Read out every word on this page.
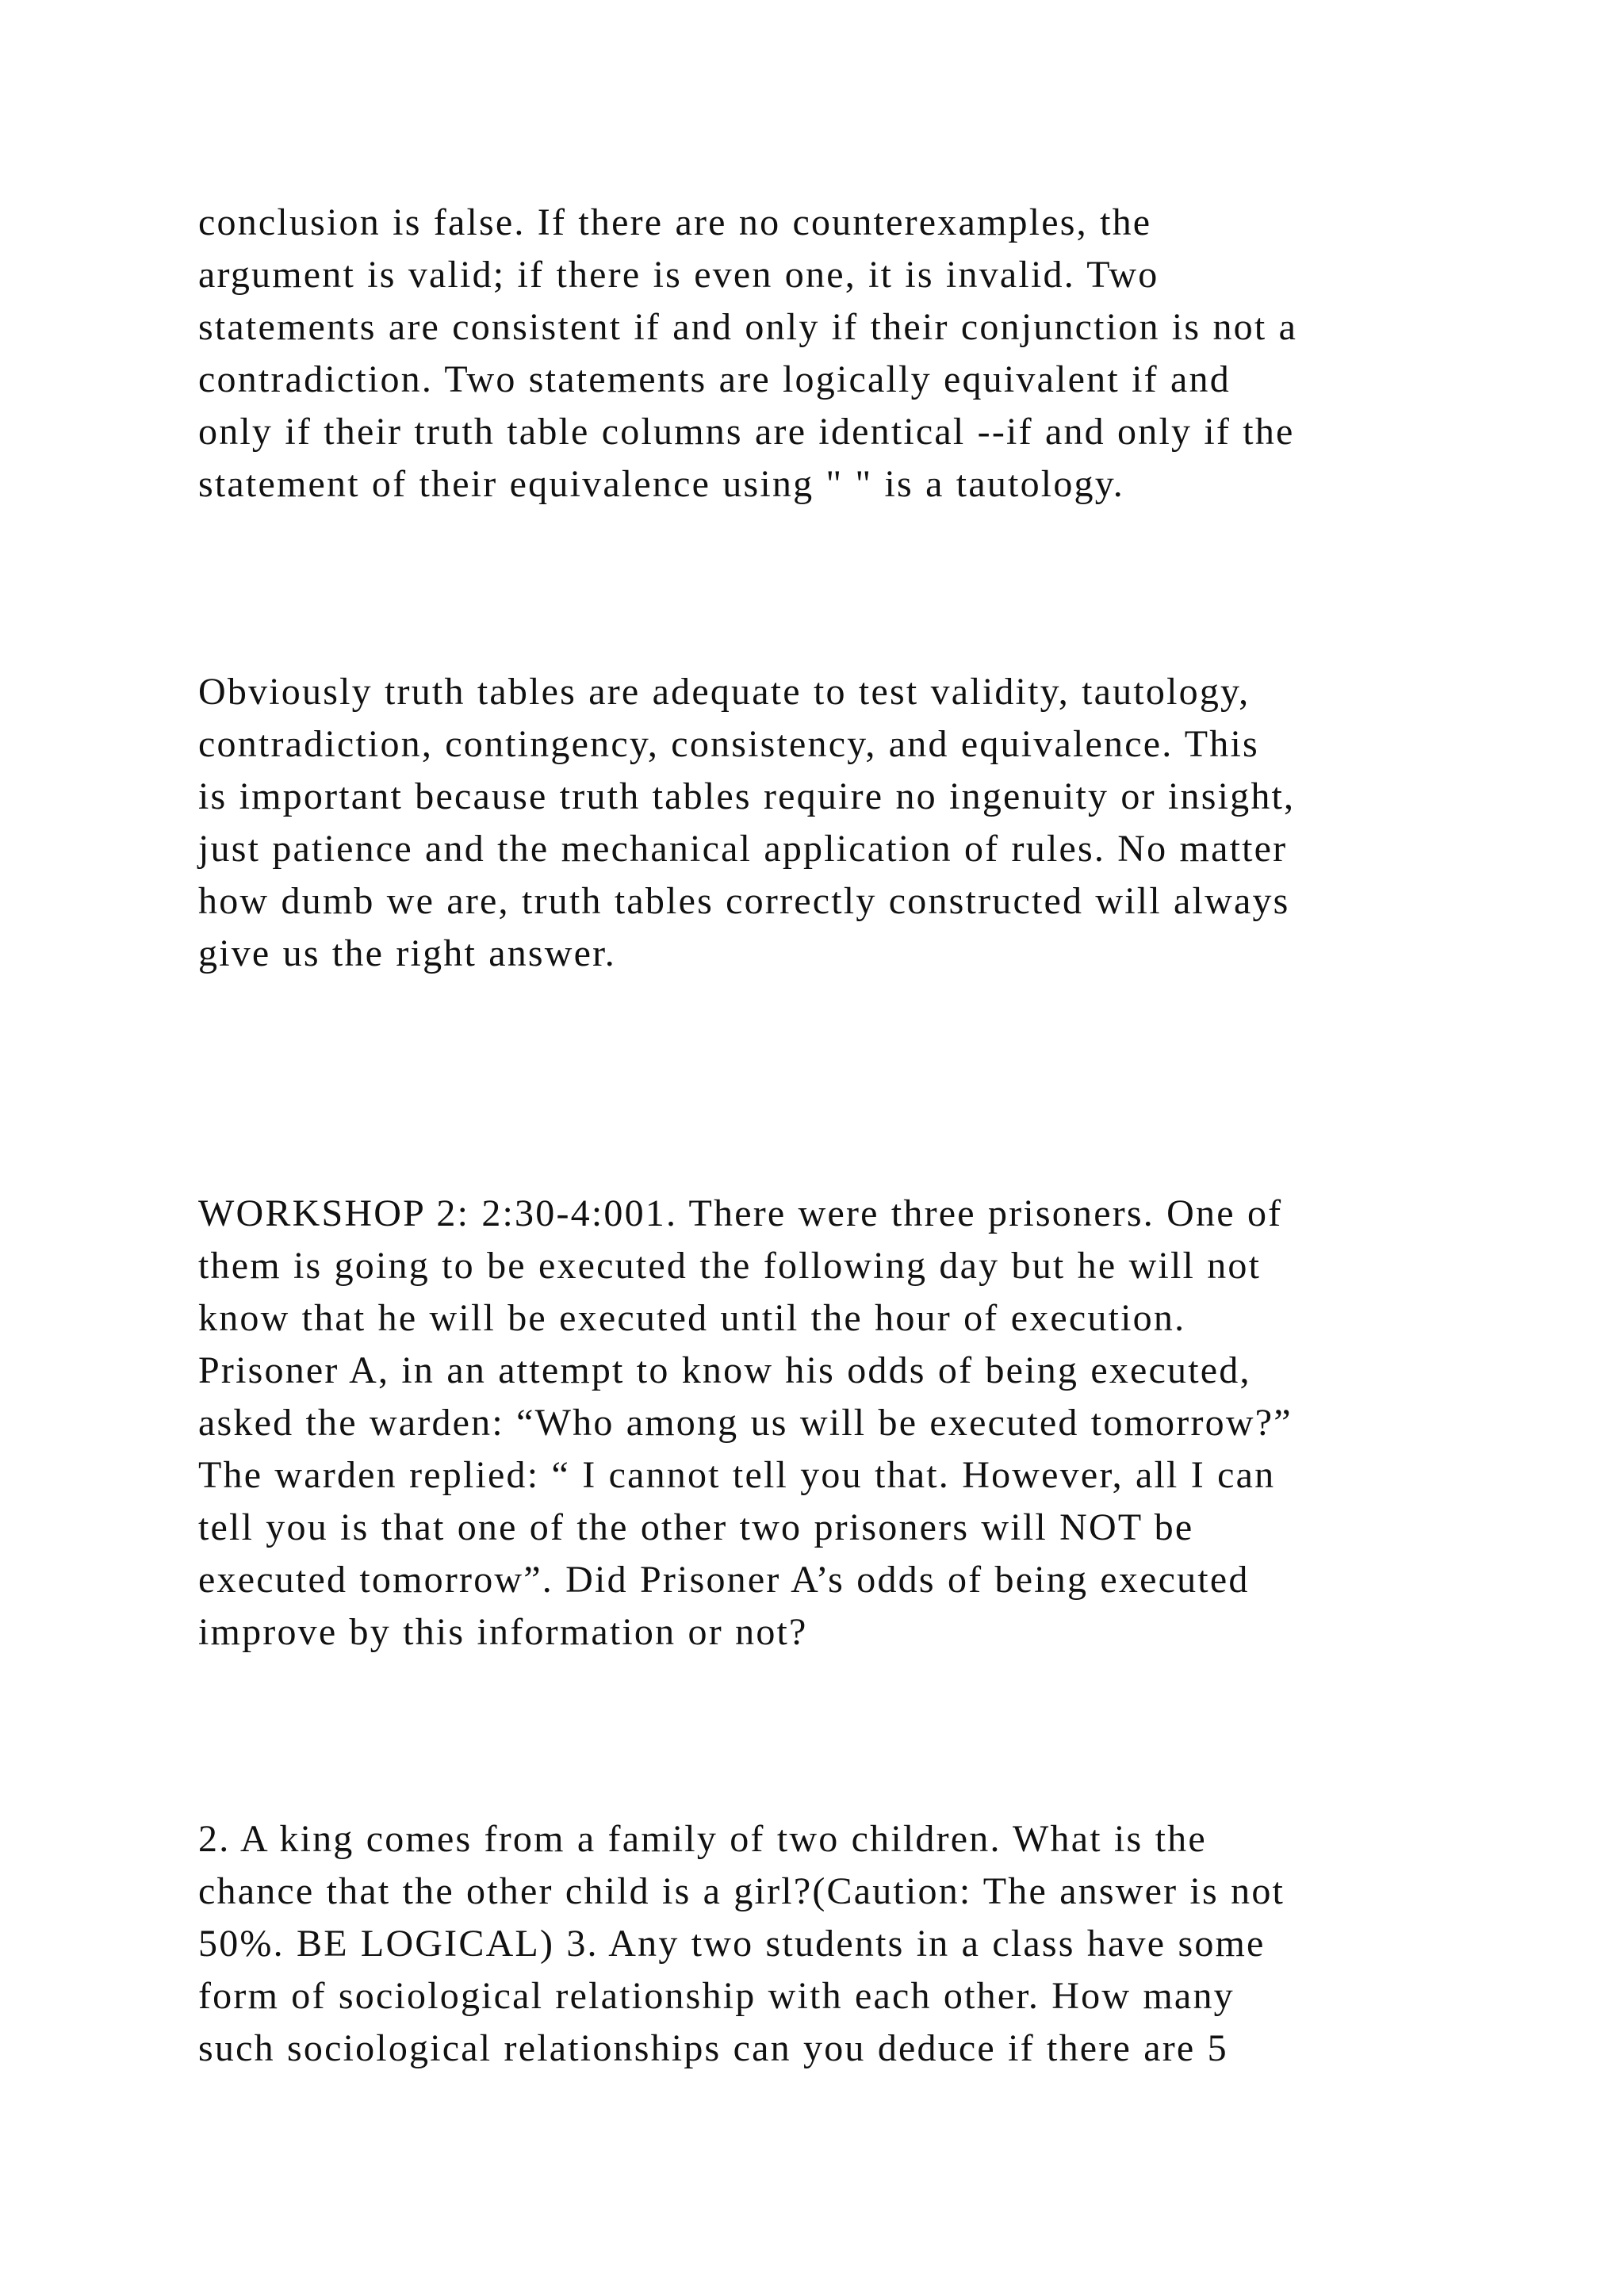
conclusion is false. If there are no counterexamples, the
argument is valid; if there is even one, it is invalid. Two
statements are consistent if and only if their conjunction is not a
contradiction. Two statements are logically equivalent if and
only if their truth table columns are identical --if and only if the
statement of their equivalence using " " is a tautology.

Obviously truth tables are adequate to test validity, tautology,
contradiction, contingency, consistency, and equivalence. This
is important because truth tables require no ingenuity or insight,
just patience and the mechanical application of rules. No matter
how dumb we are, truth tables correctly constructed will always
give us the right answer.

WORKSHOP 2: 2:30-4:001. There were three prisoners. One of
them is going to be executed the following day but he will not
know that he will be executed until the hour of execution.
Prisoner A, in an attempt to know his odds of being executed,
asked the warden: “Who among us will be executed tomorrow?”
The warden replied: “ I cannot tell you that. However, all I can
tell you is that one of the other two prisoners will NOT be
executed tomorrow”. Did Prisoner A’s odds of being executed
improve by this information or not?

2. A king comes from a family of two children. What is the
chance that the other child is a girl?(Caution: The answer is not
50%. BE LOGICAL) 3. Any two students in a class have some
form of sociological relationship with each other. How many
such sociological relationships can you deduce if there are 5
